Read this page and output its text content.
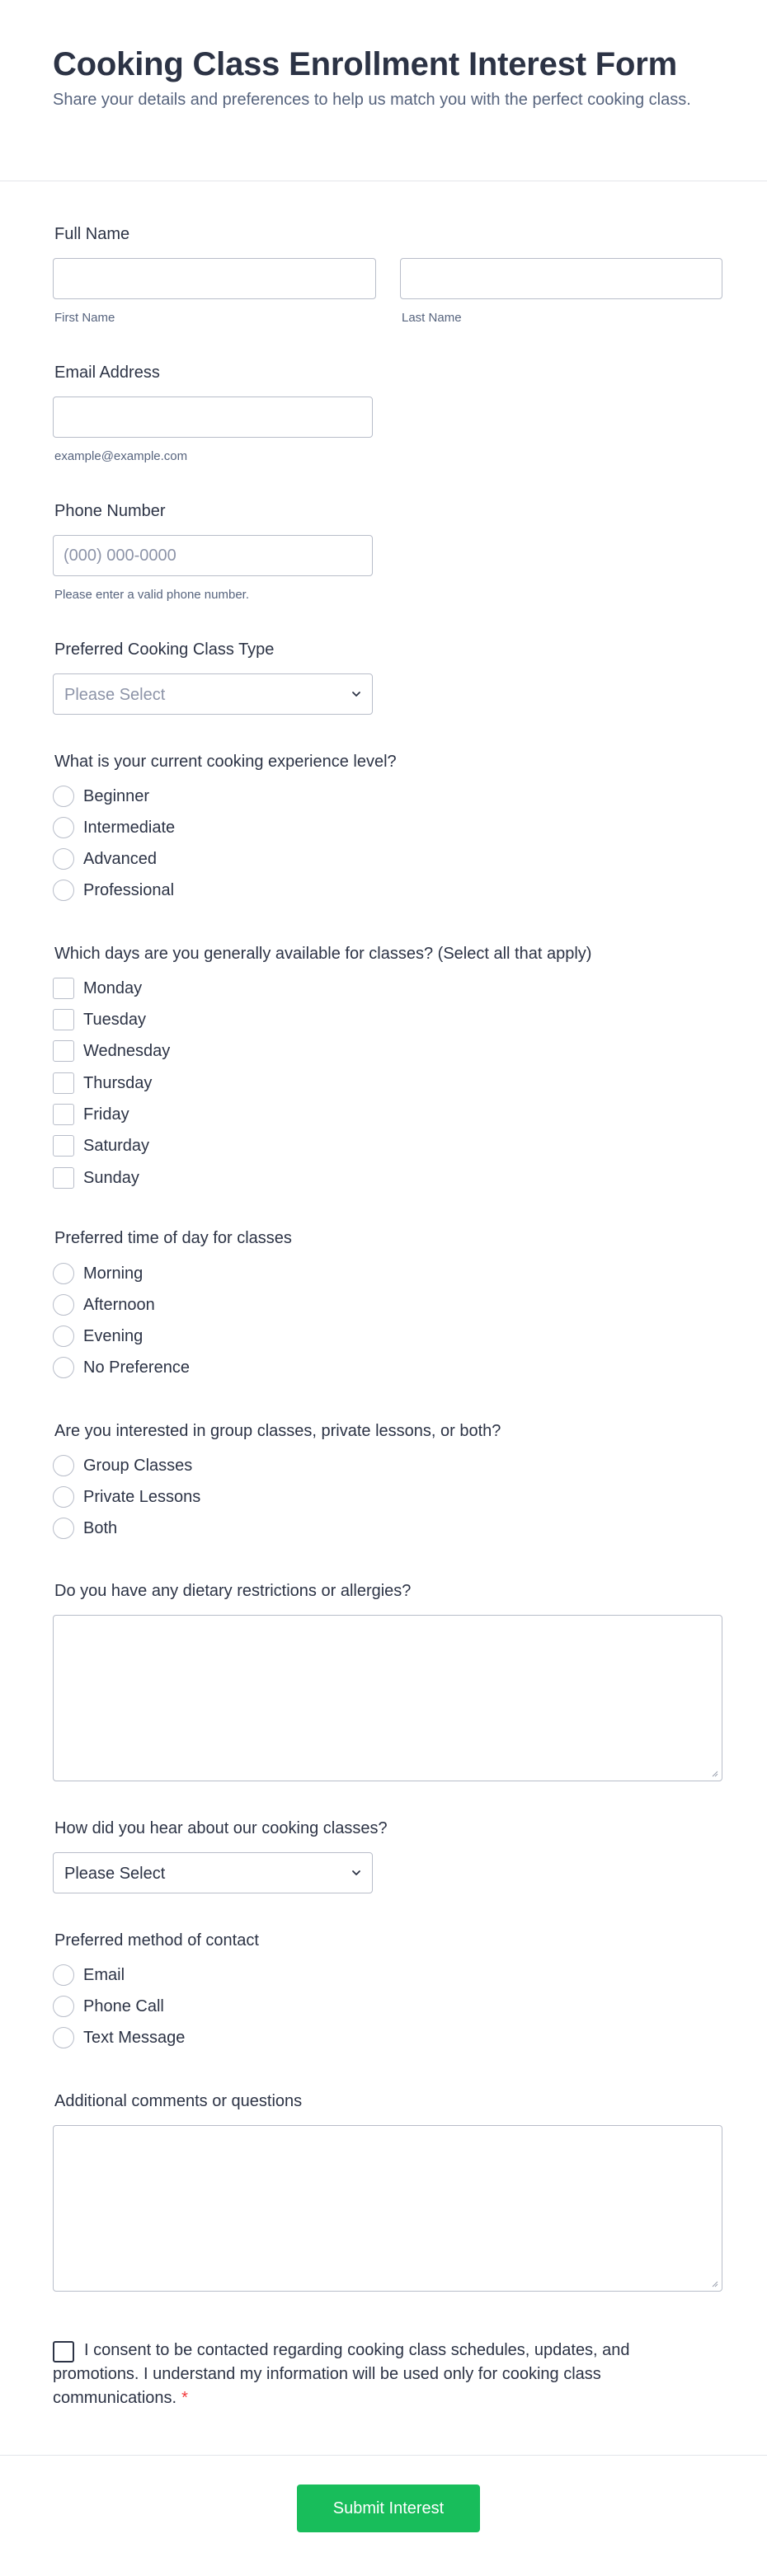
Cooking Class Enrollment Interest Form

Share your details and preferences to help us match you with the perfect cooking class.

Full Name
First Name	Last Name
Email Address
example@example.com
Phone Number
(000) 000-0000
Please enter a valid phone number.
Preferred Cooking Class Type
Please Select
What is your current cooking experience level?
Beginner
Intermediate
Advanced
Professional
Which days are you generally available for classes? (Select all that apply)
Monday
Tuesday
Wednesday
Thursday
Friday
Saturday
Sunday
Preferred time of day for classes
Morning
Afternoon
Evening
No Preference
Are you interested in group classes, private lessons, or both?
Group Classes
Private Lessons
Both
Do you have any dietary restrictions or allergies?
How did you hear about our cooking classes?
Please Select
Preferred method of contact
Email
Phone Call
Text Message
Additional comments or questions
I consent to be contacted regarding cooking class schedules, updates, and promotions. I understand my information will be used only for cooking class communications. *
Submit Interest
